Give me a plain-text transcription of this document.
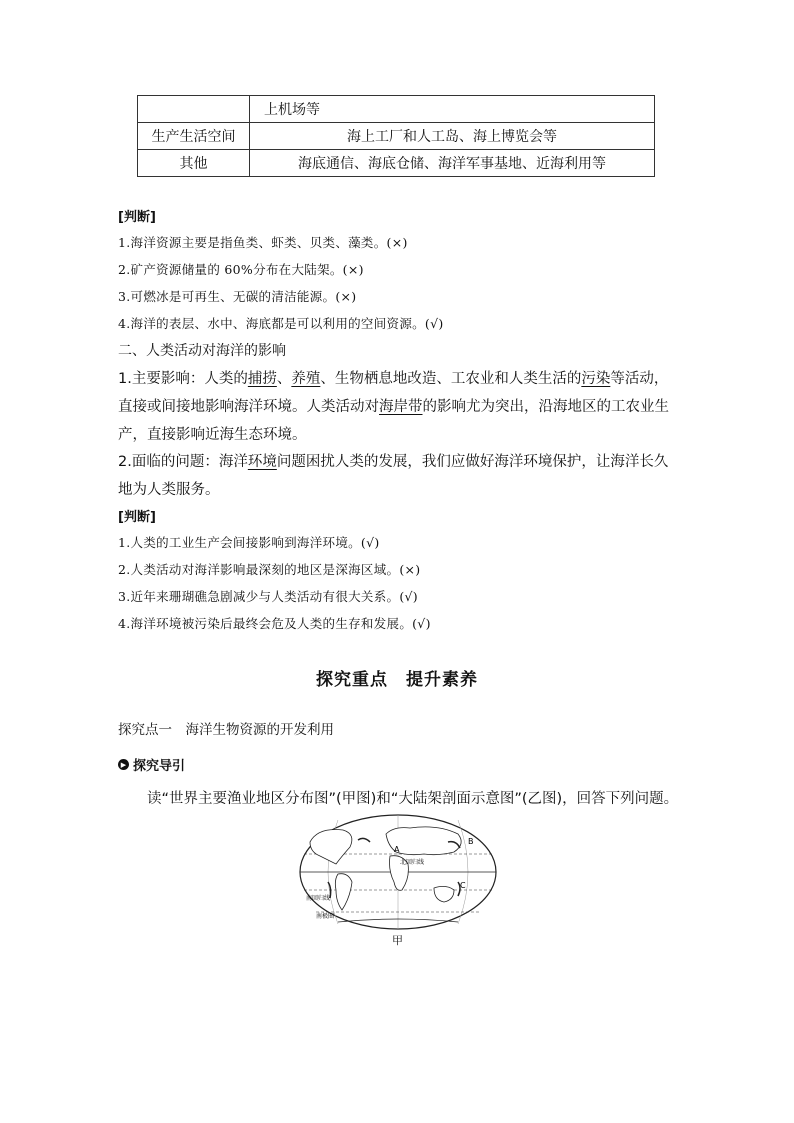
	上机场等
生产生活空间	海上工厂和人工岛、海上博览会等
其他	海底通信、海底仓储、海洋军事基地、近海利用等
[判断]
1.海洋资源主要是指鱼类、虾类、贝类、藻类。(×)
2.矿产资源储量的 60%分布在大陆架。(×)
3.可燃冰是可再生、无碳的清洁能源。(×)
4.海洋的表层、水中、海底都是可以利用的空间资源。(√)
二、人类活动对海洋的影响
1.主要影响：人类的捕捞、养殖、生物栖息地改造、工农业和人类生活的污染等活动，直接或间接地影响海洋环境。人类活动对海岸带的影响尤为突出，沿海地区的工农业生产，直接影响近海生态环境。
2.面临的问题：海洋环境问题困扰人类的发展，我们应做好海洋环境保护，让海洋长久地为人类服务。
[判断]
1.人类的工业生产会间接影响到海洋环境。(√)
2.人类活动对海洋影响最深刻的地区是深海区域。(×)
3.近年来珊瑚礁急剧减少与人类活动有很大关系。(√)
4.海洋环境被污染后最终会危及人类的生存和发展。(√)
探究重点　提升素养
探究点一　海洋生物资源的开发利用
▶ 探究导引
读“世界主要渔业地区分布图”(甲图)和“大陆架剖面示意图”(乙图)，回答下列问题。
A
B
C
北回归线
南回归线
南极圈
甲
